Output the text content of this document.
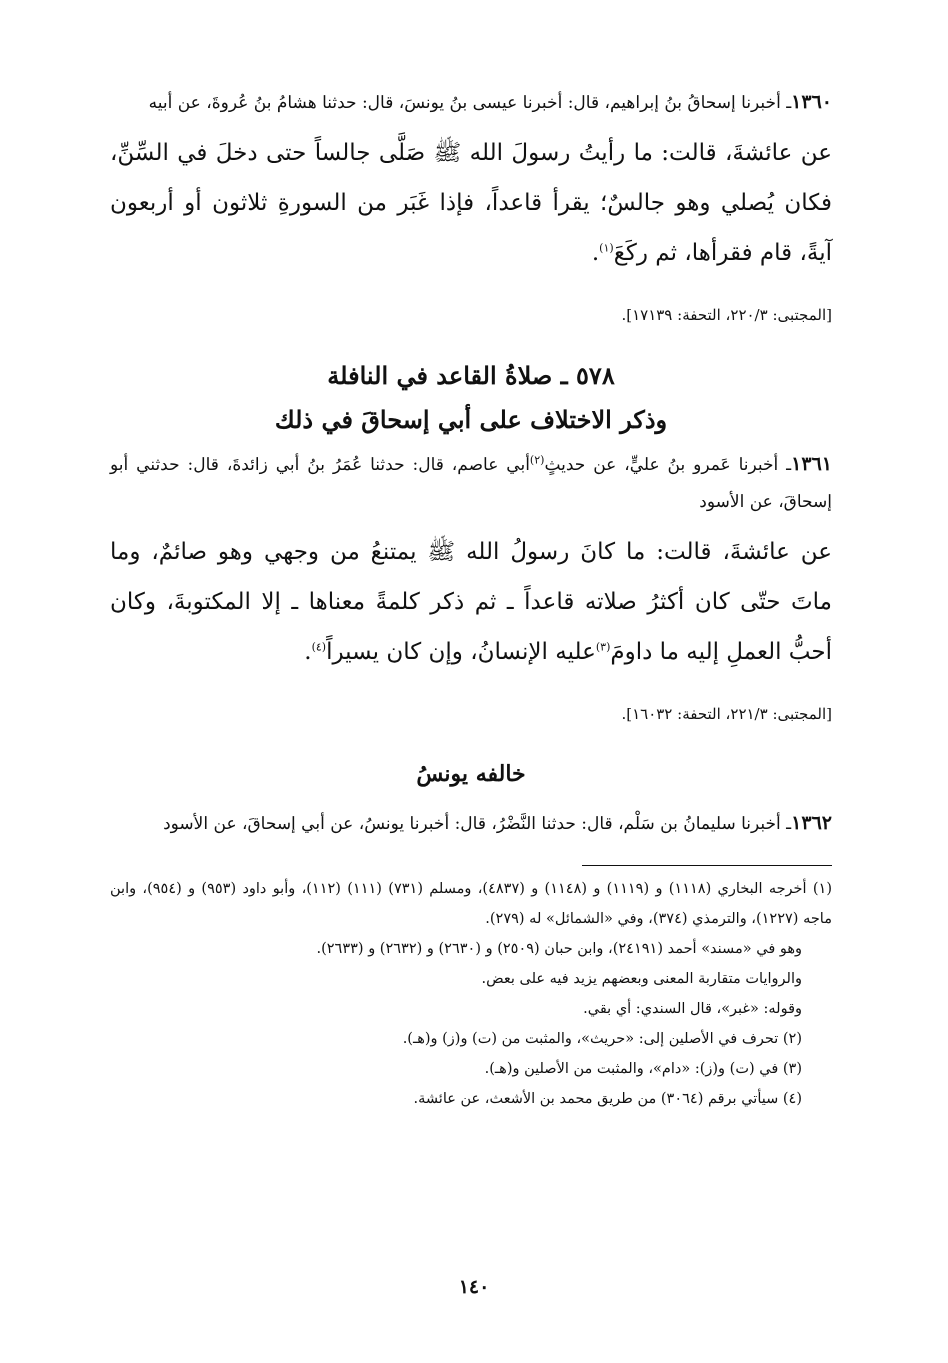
١٣٦٠ـ أخبرنا إسحاقُ بنُ إبراهيم، قال: أخبرنا عيسى بنُ يونسَ، قال: حدثنا هشامُ بنُ عُروةَ، عن أبيه

عن عائشةَ، قالت: ما رأيتُ رسولَ الله ﷺ صَلَّى جالساً حتى دخلَ في السِّنِّ، فكان يُصلي وهو جالسٌ؛ يقرأ قاعداً، فإذا غَبَر من السورةِ ثلاثون أو أربعون آيةً، قام فقرأها، ثم ركَعَ$^{(١)}$.

[المجتبى: ٢٢٠/٣، التحفة: ١٧١٣٩].

٥٧٨ ـ صلاةُ القاعد في النافلة
وذكر الاختلاف على أبي إسحاقَ في ذلك

١٣٦١ـ أخبرنا عَمرو بنُ عليٍّ، عن حديثٍ$^{(٢)}$أبي عاصم، قال: حدثنا عُمَرُ بنُ أبي زائدةَ، قال: حدثني أبو إسحاقَ، عن الأسود

عن عائشةَ، قالت: ما كانَ رسولُ الله ﷺ يمتنعُ من وجهي وهو صائمٌ، وما ماتَ حتّى كان أكثرُ صلاته قاعداً ـ ثم ذكر كلمةً معناها ـ إلا المكتوبةَ، وكان أحبُّ العملِ إليه ما داومَ$^{(٣)}$عليه الإنسانُ، وإن كان يسيراً$^{(٤)}$.

[المجتبى: ٢٢١/٣، التحفة: ١٦٠٣٢].

خالفه يونسُ

١٣٦٢ـ أخبرنا سليمانُ بن سَلْم، قال: حدثنا النَّضْرُ، قال: أخبرنا يونسُ، عن أبي إسحاقَ، عن الأسود

(١) أخرجه البخاري (١١١٨) و (١١١٩) و (١١٤٨) و (٤٨٣٧)، ومسلم (٧٣١) (١١١) (١١٢)، وأبو داود (٩٥٣) و (٩٥٤)، وابن ماجه (١٢٢٧)، والترمذي (٣٧٤)، وفي «الشمائل» له (٢٧٩).

وهو في «مسند» أحمد (٢٤١٩١)، وابن حبان (٢٥٠٩) و (٢٦٣٠) و (٢٦٣٢) و (٢٦٣٣).

والروايات متقاربة المعنى وبعضهم يزيد فيه على بعض.

وقوله: «غبر»، قال السندي: أي بقي.

(٢) تحرف في الأصلين إلى: «حريث»، والمثبت من (ت) و(ز) و(هـ).

(٣) في (ت) و(ز): «دام»، والمثبت من الأصلين و(هـ).

(٤) سيأتي برقم (٣٠٦٤) من طريق محمد بن الأشعث، عن عائشة.

١٤٠
